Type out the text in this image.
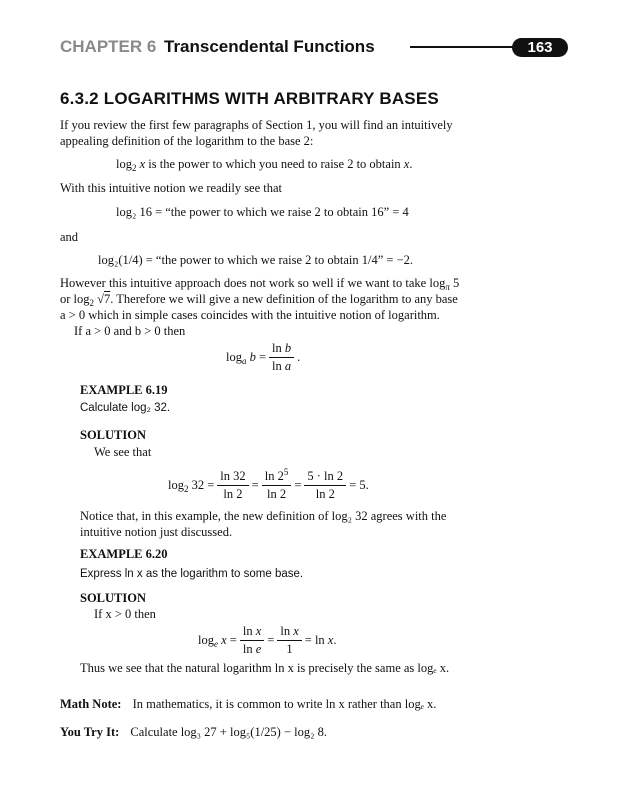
CHAPTER 6 Transcendental Functions	163
6.3.2 LOGARITHMS WITH ARBITRARY BASES
If you review the first few paragraphs of Section 1, you will find an intuitively
appealing definition of the logarithm to the base 2:
$\log_2 x$ is the power to which you need to raise 2 to obtain x.
With this intuitive notion we readily see that
log₂ 16 = “the power to which we raise 2 to obtain 16” = 4
and
log₂(1/4) = “the power to which we raise 2 to obtain 1/4” = −2.
However this intuitive approach does not work so well if we want to take $\log_\pi 5$
or $\log_2 √7$. Therefore we will give a new definition of the logarithm to any base
a > 0 which in simple cases coincides with the intuitive notion of logarithm.
If a > 0 and b > 0 then
$\log_a b = \frac{\text{ln b}}{\text{ln a}}$ .
EXAMPLE 6.19
Calculate log₂ 32.
SOLUTION
We see that
$\log_2 32 = \frac{\ln 32}{\ln 2} = \frac{\ln 2^5}{\ln 2} = \frac{5 \cdot \ln 2}{\ln 2} = 5$.
Notice that, in this example, the new definition of log₂ 32 agrees with the
intuitive notion just discussed.
EXAMPLE 6.20
Express ln x as the logarithm to some base.
SOLUTION
If x > 0 then
$\log_e x = \frac{\text{ln x}}{\text{ln e}} = \frac{\text{ln x}}{1} = \ln x$.
Thus we see that the natural logarithm ln x is precisely the same as logₑ x.
Math Note: In mathematics, it is common to write ln x rather than logₑ x.
You Try It: Calculate log₃ 27 + log₅(1/25) − log₂ 8.
